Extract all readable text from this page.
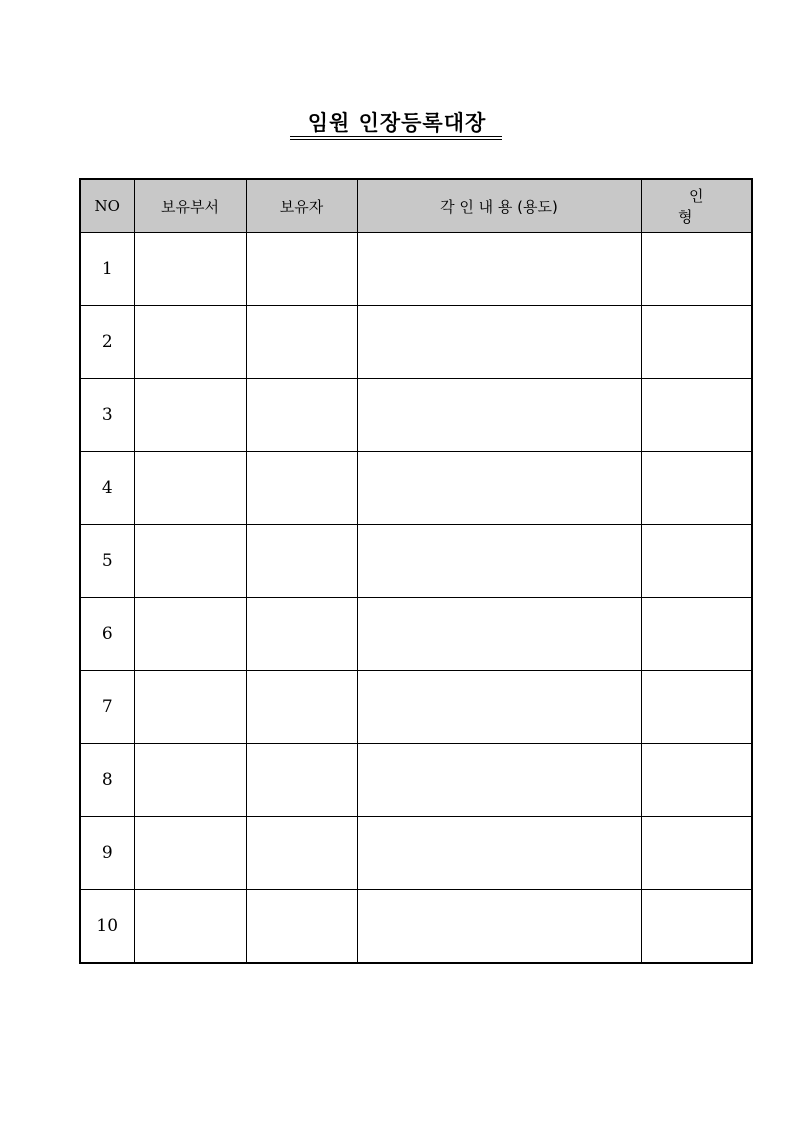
임원 인장등록대장
NO	보유부서	보유자	각 인 내 용 (용도)	인 형
1				
2				
3				
4				
5				
6				
7				
8				
9				
10				
